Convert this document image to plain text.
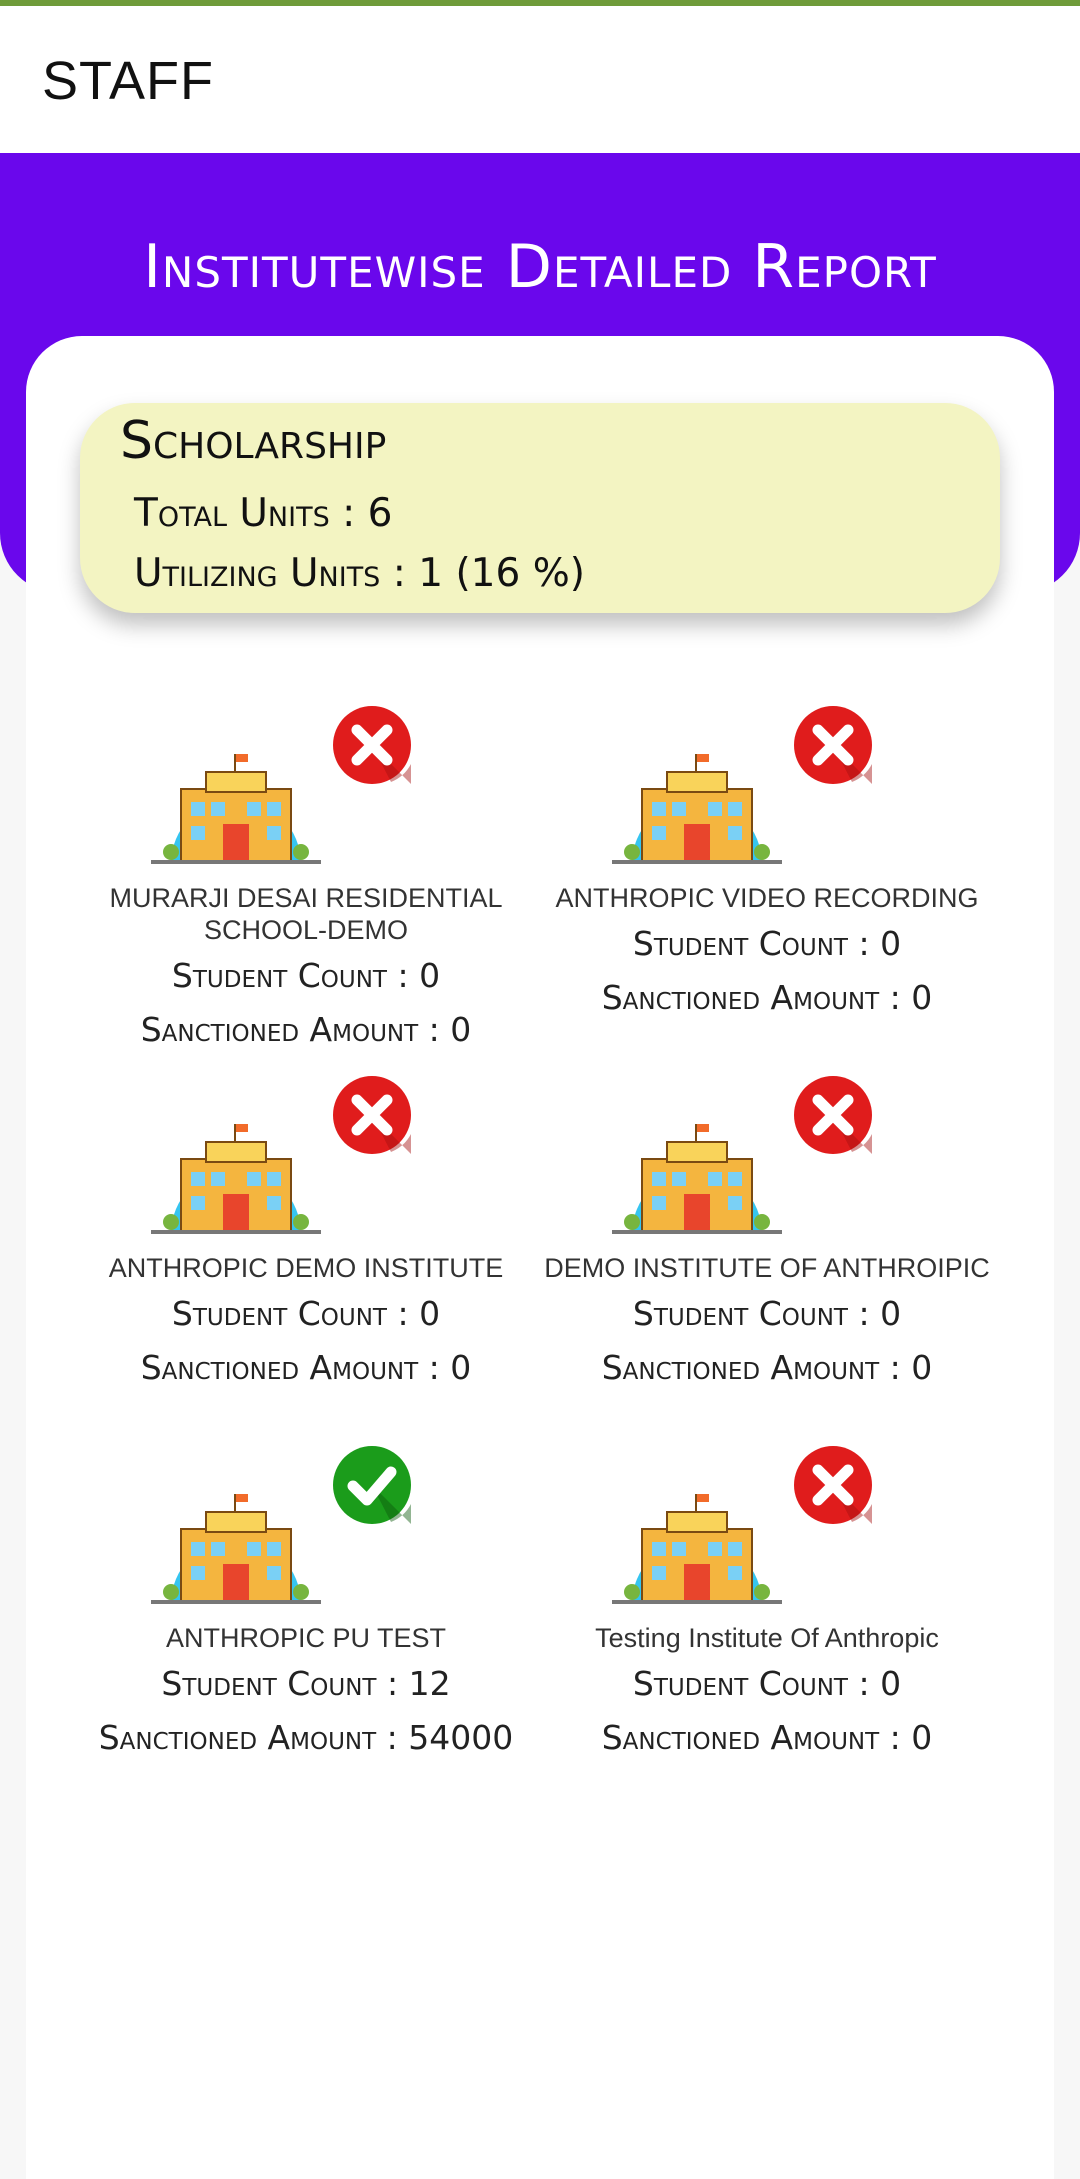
STAFF
Institutewise Detailed Report
Scholarship
Total Units : 6
Utilizing Units : 1 (16 %)
MURARJI DESAI RESIDENTIAL SCHOOL-DEMO
Student Count : 0
Sanctioned Amount : 0
ANTHROPIC VIDEO RECORDING
Student Count : 0
Sanctioned Amount : 0
ANTHROPIC DEMO INSTITUTE
Student Count : 0
Sanctioned Amount : 0
DEMO INSTITUTE OF ANTHROIPIC
Student Count : 0
Sanctioned Amount : 0
ANTHROPIC PU TEST
Student Count : 12
Sanctioned Amount : 54000
Testing Institute Of Anthropic
Student Count : 0
Sanctioned Amount : 0
